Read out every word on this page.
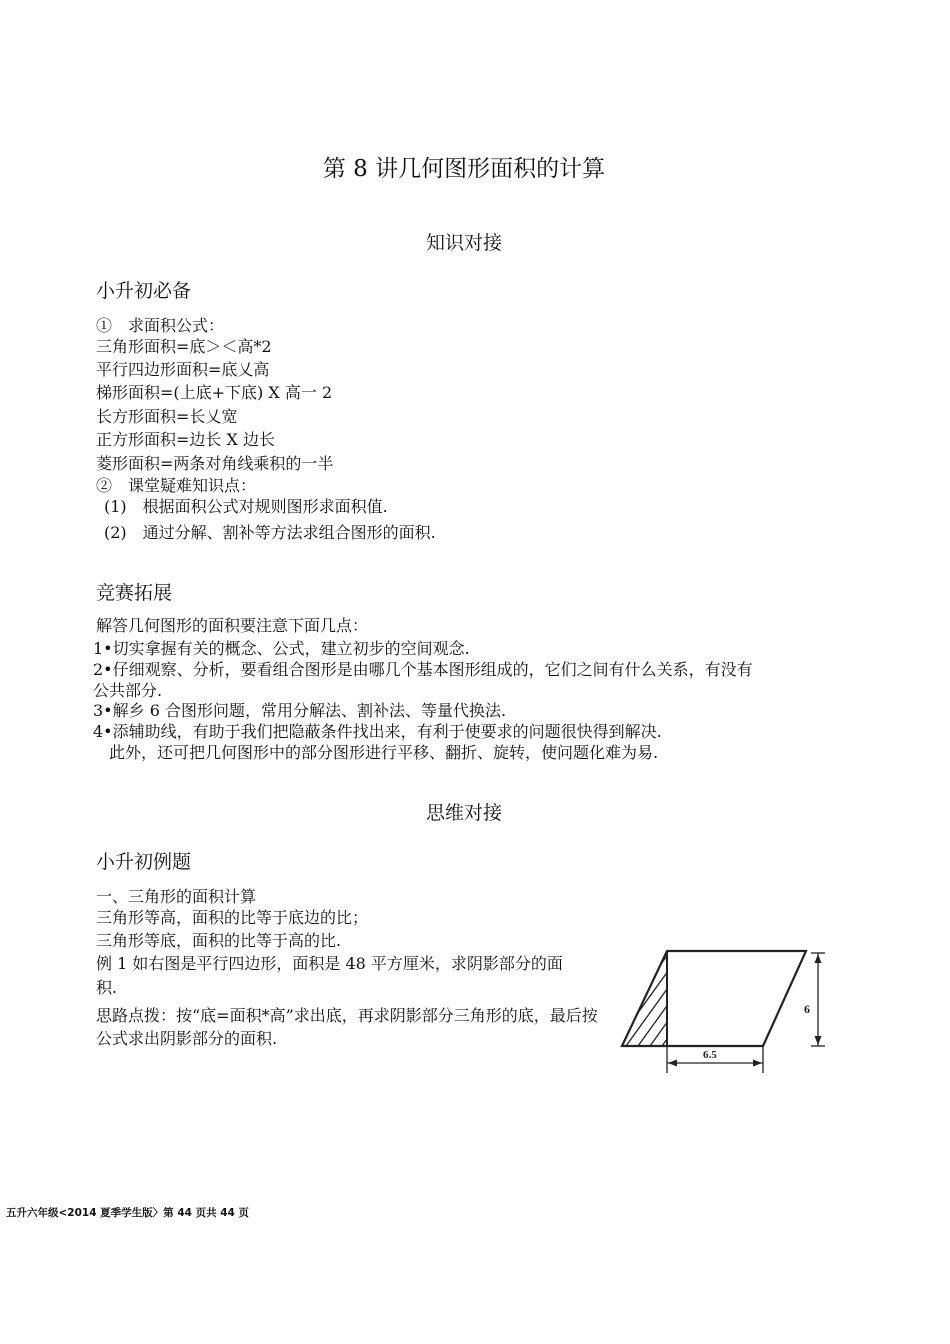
第 8 讲几何图形面积的计算
知识对接
小升初必备
①　求面积公式：
三角形面积=底＞＜高*2
平行四边形面积=底乂高
梯形面积=(上底+下底) X 高一 2
长方形面积=长乂宽
正方形面积=边长 X 边长
菱形面积=两条对角线乘积的一半
②　课堂疑难知识点：
(1)　根据面积公式对规则图形求面积值.
(2)　通过分解、割补等方法求组合图形的面积.
竞赛拓展
解答几何图形的面积要注意下面几点：
1•切实拿握有关的概念、公式，建立初步的空间观念.
2•仔细观察、分析，要看组合图形是由哪几个基本图形组成的，它们之间有什么关系，有没有
公共部分.
3•解乡 6 合图形问题，常用分解法、割补法、等量代换法.
4•添辅助线，有助于我们把隐蔽条件找出来，有利于使要求的问题很快得到解决.
　此外，还可把几何图形中的部分图形进行平移、翻折、旋转，使问题化难为易.
思维对接
小升初例题
一、三角形的面积计算
三角形等高，面积的比等于底边的比；
三角形等底，面积的比等于高的比.
例 1 如右图是平行四边形，面积是 48 平方厘米，求阴影部分的面
积.
思路点拨：按“底=面积*高”求出底，再求阴影部分三角形的底，最后按
公式求出阴影部分的面积.
6
6.5
五升六年级<2014 夏季学生版〉第 44 页共 44 页
